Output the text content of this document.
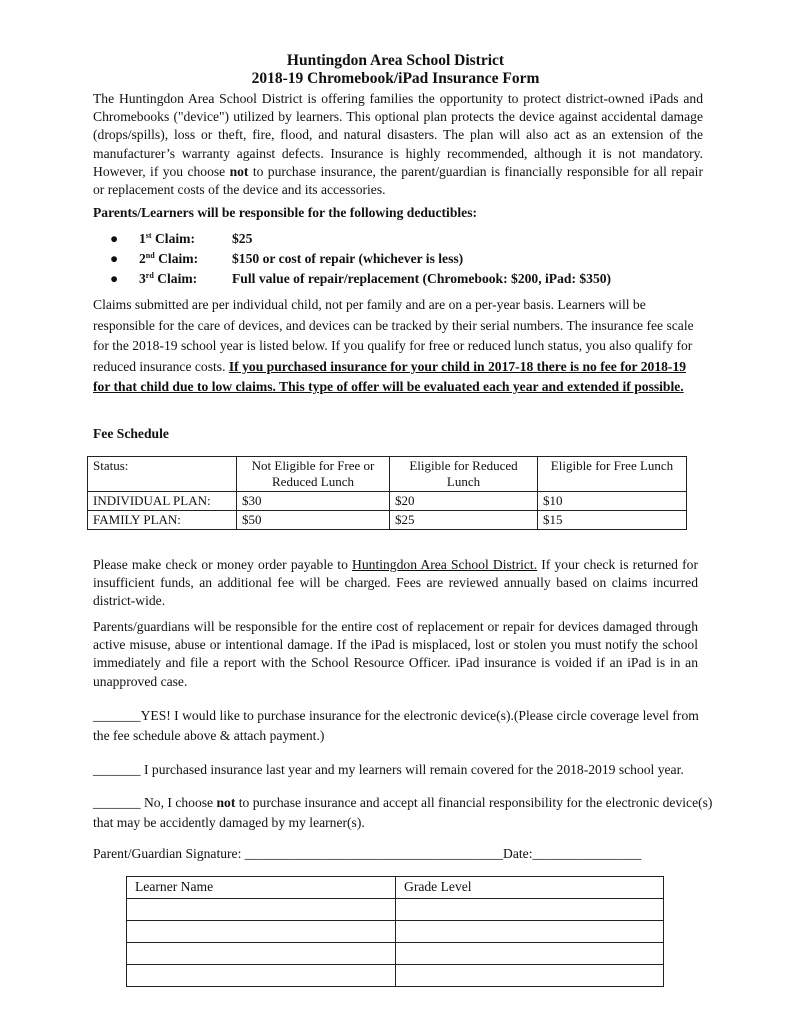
Huntingdon Area School District
2018-19 Chromebook/iPad Insurance Form

The Huntingdon Area School District is offering families the opportunity to protect district-owned iPads and Chromebooks ("device") utilized by learners. This optional plan protects the device against accidental damage (drops/spills), loss or theft, fire, flood, and natural disasters. The plan will also act as an extension of the manufacturer’s warranty against defects. Insurance is highly recommended, although it is not mandatory. However, if you choose not to purchase insurance, the parent/guardian is financially responsible for all repair or replacement costs of the device and its accessories.

Parents/Learners will be responsible for the following deductibles:
● 1st Claim:	$25
● 2nd Claim: $150 or cost of repair (whichever is less)
● 3rd Claim:	Full value of repair/replacement (Chromebook: $200, iPad: $350)

Claims submitted are per individual child, not per family and are on a per-year basis. Learners will be responsible for the care of devices, and devices can be tracked by their serial numbers. The insurance fee scale for the 2018-19 school year is listed below. If you qualify for free or reduced lunch status, you also qualify for reduced insurance costs. If you purchased insurance for your child in 2017-18 there is no fee for 2018-19 for that child due to low claims. This type of offer will be evaluated each year and extended if possible.

Fee Schedule
Status:	Not Eligible for Free or Reduced Lunch	Eligible for Reduced Lunch	Eligible for Free Lunch
INDIVIDUAL PLAN:	$30	$20	$10
FAMILY PLAN:	$50	$25	$15

Please make check or money order payable to Huntingdon Area School District. If your check is returned for insufficient funds, an additional fee will be charged. Fees are reviewed annually based on claims incurred district-wide.

Parents/guardians will be responsible for the entire cost of replacement or repair for devices damaged through active misuse, abuse or intentional damage. If the iPad is misplaced, lost or stolen you must notify the school immediately and file a report with the School Resource Officer. iPad insurance is voided if an iPad is in an unapproved case.

_______YES! I would like to purchase insurance for the electronic device(s).(Please circle coverage level from the fee schedule above & attach payment.)

_______ I purchased insurance last year and my learners will remain covered for the 2018-2019 school year.

_______ No, I choose not to purchase insurance and accept all financial responsibility for the electronic device(s) that may be accidently damaged by my learner(s).

Parent/Guardian Signature: ______________________________________Date:________________
Learner Name	Grade Level
